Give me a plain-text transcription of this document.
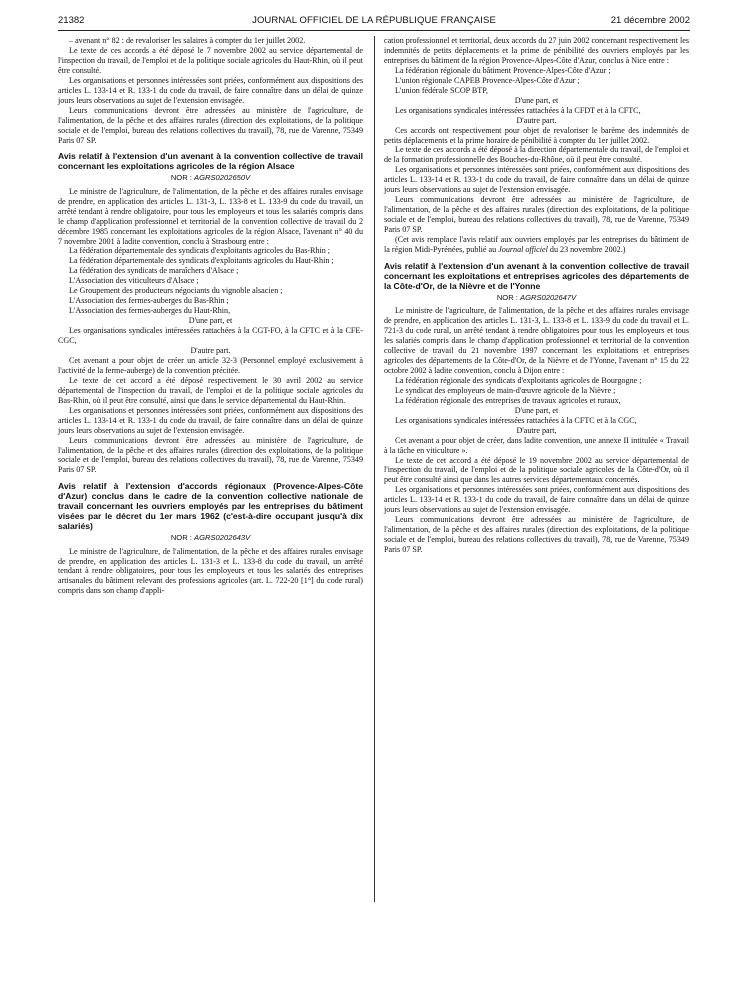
21382	JOURNAL OFFICIEL DE LA RÉPUBLIQUE FRANÇAISE	21 décembre 2002

– avenant n° 82 : de revaloriser les salaires à compter du 1er juillet 2002.

Le texte de ces accords a été déposé le 7 novembre 2002 au service départemental de l'inspection du travail, de l'emploi et de la politique sociale agricoles du Haut-Rhin, où il peut être consulté.

Les organisations et personnes intéressées sont priées, conformément aux dispositions des articles L. 133-14 et R. 133-1 du code du travail, de faire connaître dans un délai de quinze jours leurs observations au sujet de l'extension envisagée.

Leurs communications devront être adressées au ministère de l'agriculture, de l'alimentation, de la pêche et des affaires rurales (direction des exploitations, de la politique sociale et de l'emploi, bureau des relations collectives du travail), 78, rue de Varenne, 75349 Paris 07 SP.

Avis relatif à l'extension d'un avenant à la convention collective de travail concernant les exploitations agricoles de la région Alsace

NOR : AGRS0202650V

Le ministre de l'agriculture, de l'alimentation, de la pêche et des affaires rurales envisage de prendre, en application des articles L. 131-3, L. 133-8 et L. 133-9 du code du travail, un arrêté tendant à rendre obligatoire, pour tous les employeurs et tous les salariés compris dans le champ d'application professionnel et territorial de la convention collective de travail du 2 décembre 1985 concernant les exploitations agricoles de la région Alsace, l'avenant n° 40 du 7 novembre 2001 à ladite convention, conclu à Strasbourg entre :

La fédération départementale des syndicats d'exploitants agricoles du Bas-Rhin ;

La fédération départementale des syndicats d'exploitants agricoles du Haut-Rhin ;

La fédération des syndicats de maraîchers d'Alsace ;

L'Association des viticulteurs d'Alsace ;

Le Groupement des producteurs négociants du vignoble alsacien ;

L'Association des fermes-auberges du Bas-Rhin ;

L'Association des fermes-auberges du Haut-Rhin,

D'une part, et

Les organisations syndicales intéressées rattachées à la CGT-FO, à la CFTC et à la CFE-CGC,

D'autre part.

Cet avenant a pour objet de créer un article 32-3 (Personnel employé exclusivement à l'activité de la ferme-auberge) de la convention précitée.

Le texte de cet accord a été déposé respectivement le 30 avril 2002 au service départemental de l'inspection du travail, de l'emploi et de la politique sociale agricoles du Bas-Rhin, où il peut être consulté, ainsi que dans le service départemental du Haut-Rhin.

Les organisations et personnes intéressées sont priées, conformément aux dispositions des articles L. 133-14 et R. 133-1 du code du travail, de faire connaître dans un délai de quinze jours leurs observations au sujet de l'extension envisagée.

Leurs communications devront être adressées au ministère de l'agriculture, de l'alimentation, de la pêche et des affaires rurales (direction des exploitations, de la politique sociale et de l'emploi, bureau des relations collectives du travail), 78, rue de Varenne, 75349 Paris 07 SP.

Avis relatif à l'extension d'accords régionaux (Provence-Alpes-Côte d'Azur) conclus dans le cadre de la convention collective nationale de travail concernant les ouvriers employés par les entreprises du bâtiment visées par le décret du 1er mars 1962 (c'est-à-dire occupant jusqu'à dix salariés)

NOR : AGRS0202643V

Le ministre de l'agriculture, de l'alimentation, de la pêche et des affaires rurales envisage de prendre, en application des articles L. 131-3 et L. 133-8 du code du travail, un arrêté tendant à rendre obligatoires, pour tous les employeurs et tous les salariés des entreprises artisanales du bâtiment relevant des professions agricoles (art. L. 722-20 [1°] du code rural) compris dans son champ d'appli-

cation professionnel et territorial, deux accords du 27 juin 2002 concernant respectivement les indemnités de petits déplacements et la prime de pénibilité des ouvriers employés par les entreprises du bâtiment de la région Provence-Alpes-Côte d'Azur, conclus à Nice entre :

La fédération régionale du bâtiment Provence-Alpes-Côte d'Azur ;

L'union régionale CAPEB Provence-Alpes-Côte d'Azur ;

L'union fédérale SCOP BTP,

D'une part, et

Les organisations syndicales intéressées rattachées à la CFDT et à la CFTC,

D'autre part.

Ces accords ont respectivement pour objet de revaloriser le barème des indemnités de petits déplacements et la prime horaire de pénibilité à compter du 1er juillet 2002.

Le texte de ces accords a été déposé à la direction départementale du travail, de l'emploi et de la formation professionnelle des Bouches-du-Rhône, où il peut être consulté.

Les organisations et personnes intéressées sont priées, conformément aux dispositions des articles L. 133-14 et R. 133-1 du code du travail, de faire connaître dans un délai de quinze jours leurs observations au sujet de l'extension envisagée.

Leurs communications devront être adressées au ministère de l'agriculture, de l'alimentation, de la pêche et des affaires rurales (direction des exploitations, de la politique sociale et de l'emploi, bureau des relations collectives du travail), 78, rue de Varenne, 75349 Paris 07 SP.

(Cet avis remplace l'avis relatif aux ouvriers employés par les entreprises du bâtiment de la région Midi-Pyrénées, publié au Journal officiel du 23 novembre 2002.)

Avis relatif à l'extension d'un avenant à la convention collective de travail concernant les exploitations et entreprises agricoles des départements de la Côte-d'Or, de la Nièvre et de l'Yonne

NOR : AGRS0202647V

Le ministre de l'agriculture, de l'alimentation, de la pêche et des affaires rurales envisage de prendre, en application des articles L. 131-3, L. 133-8 et L. 133-9 du code du travail et L. 721-3 du code rural, un arrêté tendant à rendre obligatoires pour tous les employeurs et tous les salariés compris dans le champ d'application professionnel et territorial de la convention collective de travail du 21 novembre 1997 concernant les exploitations et entreprises agricoles des départements de la Côte-d'Or, de la Nièvre et de l'Yonne, l'avenant n° 15 du 22 octobre 2002 à ladite convention, conclu à Dijon entre :

La fédération régionale des syndicats d'exploitants agricoles de Bourgogne ;

Le syndicat des employeurs de main-d'œuvre agricole de la Nièvre ;

La fédération régionale des entreprises de travaux agricoles et ruraux,

D'une part, et

Les organisations syndicales intéressées rattachées à la CFTC et à la CGC,

D'autre part,

Cet avenant a pour objet de créer, dans ladite convention, une annexe II intitulée « Travail à la tâche en viticulture ».

Le texte de cet accord a été déposé le 19 novembre 2002 au service départemental de l'inspection du travail, de l'emploi et de la politique sociale agricoles de la Côte-d'Or, où il peut être consulté ainsi que dans les autres services départementaux concernés.

Les organisations et personnes intéressées sont priées, conformément aux dispositions des articles L. 133-14 et R. 133-1 du code du travail, de faire connaître dans un délai de quinze jours leurs observations au sujet de l'extension envisagée.

Leurs communications devront être adressées au ministère de l'agriculture, de l'alimentation, de la pêche et des affaires rurales (direction des exploitations, de la politique sociale et de l'emploi, bureau des relations collectives du travail), 78, rue de Varenne, 75349 Paris 07 SP.
